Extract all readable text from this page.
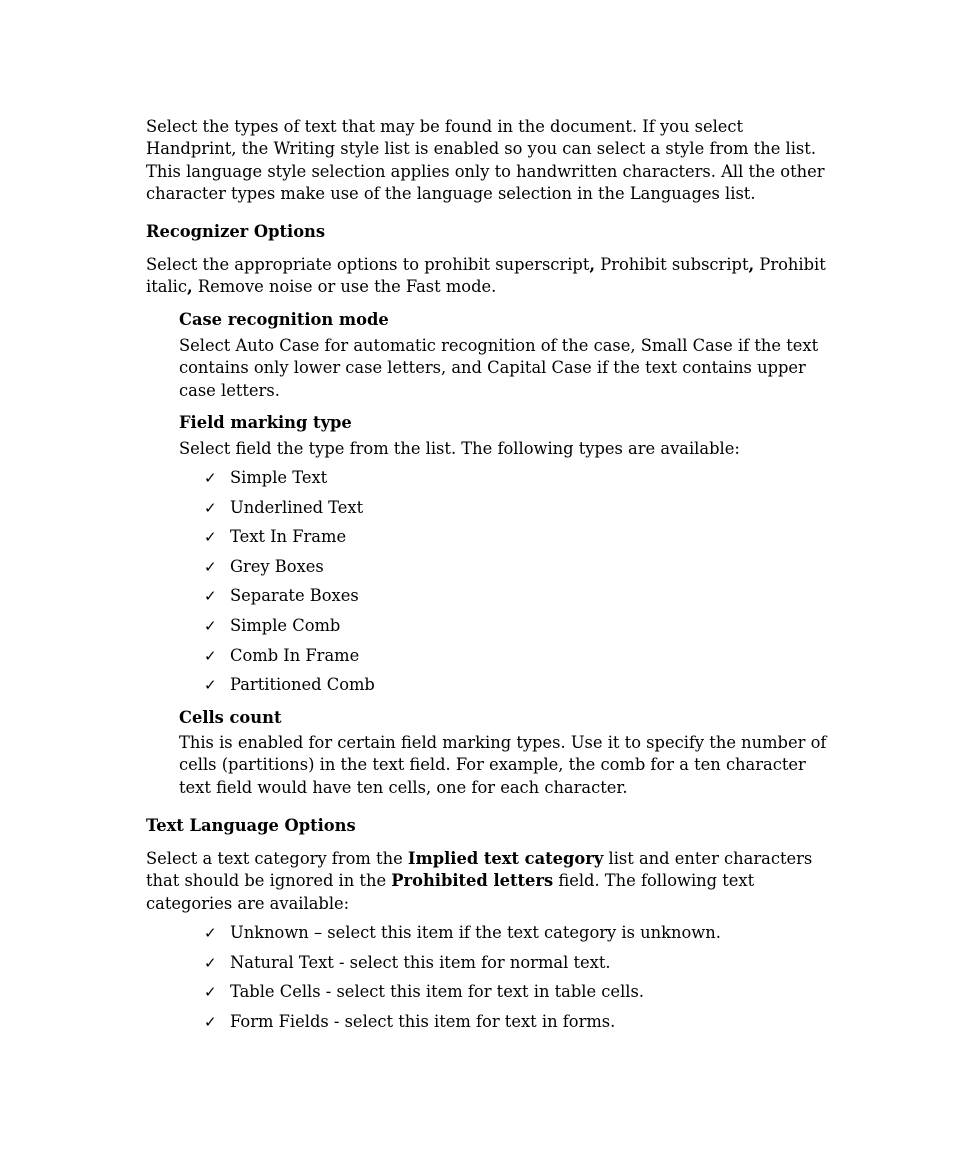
Select the types of text that may be found in the document. If you select Handprint, the Writing style list is enabled so you can select a style from the list. This language style selection applies only to handwritten characters. All the other character types make use of the language selection in the Languages list.

Recognizer Options

Select the appropriate options to prohibit superscript, Prohibit subscript, Prohibit italic, Remove noise or use the Fast mode.

Case recognition mode

Select Auto Case for automatic recognition of the case, Small Case if the text contains only lower case letters, and Capital Case if the text contains upper case letters.

Field marking type

Select field the type from the list. The following types are available:

✓ Simple Text
✓ Underlined Text
✓ Text In Frame
✓ Grey Boxes
✓ Separate Boxes
✓ Simple Comb
✓ Comb In Frame
✓ Partitioned Comb
Cells count

This is enabled for certain field marking types. Use it to specify the number of cells (partitions) in the text field. For example, the comb for a ten character text field would have ten cells, one for each character.

Text Language Options

Select a text category from the Implied text category list and enter characters that should be ignored in the Prohibited letters field. The following text categories are available:

✓ Unknown – select this item if the text category is unknown.
✓ Natural Text - select this item for normal text.
✓ Table Cells - select this item for text in table cells.
✓ Form Fields - select this item for text in forms.
